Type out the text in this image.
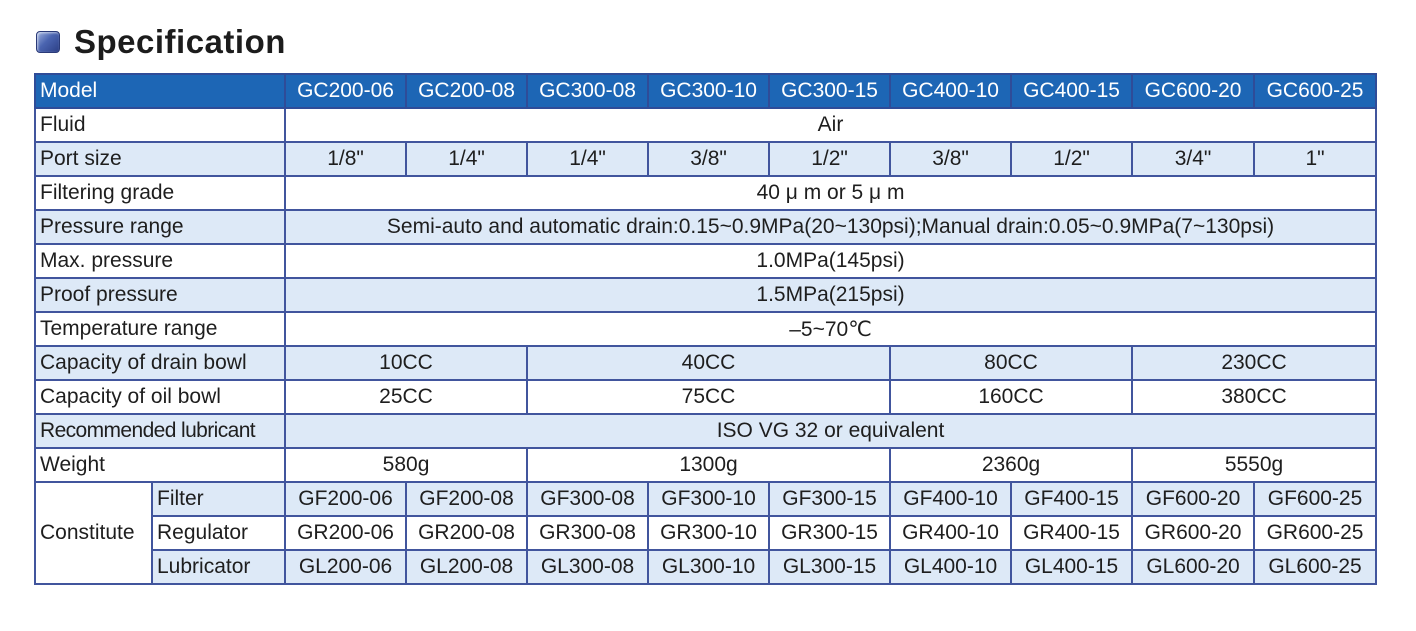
Specification
Model		GC200-06	GC200-08	GC300-08	GC300-10	GC300-15	GC400-10	GC400-15	GC600-20	GC600-25
Fluid		Air								
Port size		1/8"	1/4"	1/4"	3/8"	1/2"	3/8"	1/2"	3/4"	1"
Filtering grade		40 μ m or 5 μ m								
Pressure range		Semi-auto and automatic drain:0.15~0.9MPa(20~130psi);Manual drain:0.05~0.9MPa(7~130psi)								
Max. pressure		1.0MPa(145psi)								
Proof pressure		1.5MPa(215psi)								
Temperature range		–5~70℃								
Capacity of drain bowl		10CC		40CC			80CC		230CC	
Capacity of oil bowl		25CC		75CC			160CC		380CC	
Recommended lubricant		ISO VG 32 or equivalent								
Weight		580g		1300g			2360g		5550g	
Constitute	Filter	GF200-06	GF200-08	GF300-08	GF300-10	GF300-15	GF400-10	GF400-15	GF600-20	GF600-25
	Regulator	GR200-06	GR200-08	GR300-08	GR300-10	GR300-15	GR400-10	GR400-15	GR600-20	GR600-25
	Lubricator	GL200-06	GL200-08	GL300-08	GL300-10	GL300-15	GL400-10	GL400-15	GL600-20	GL600-25
